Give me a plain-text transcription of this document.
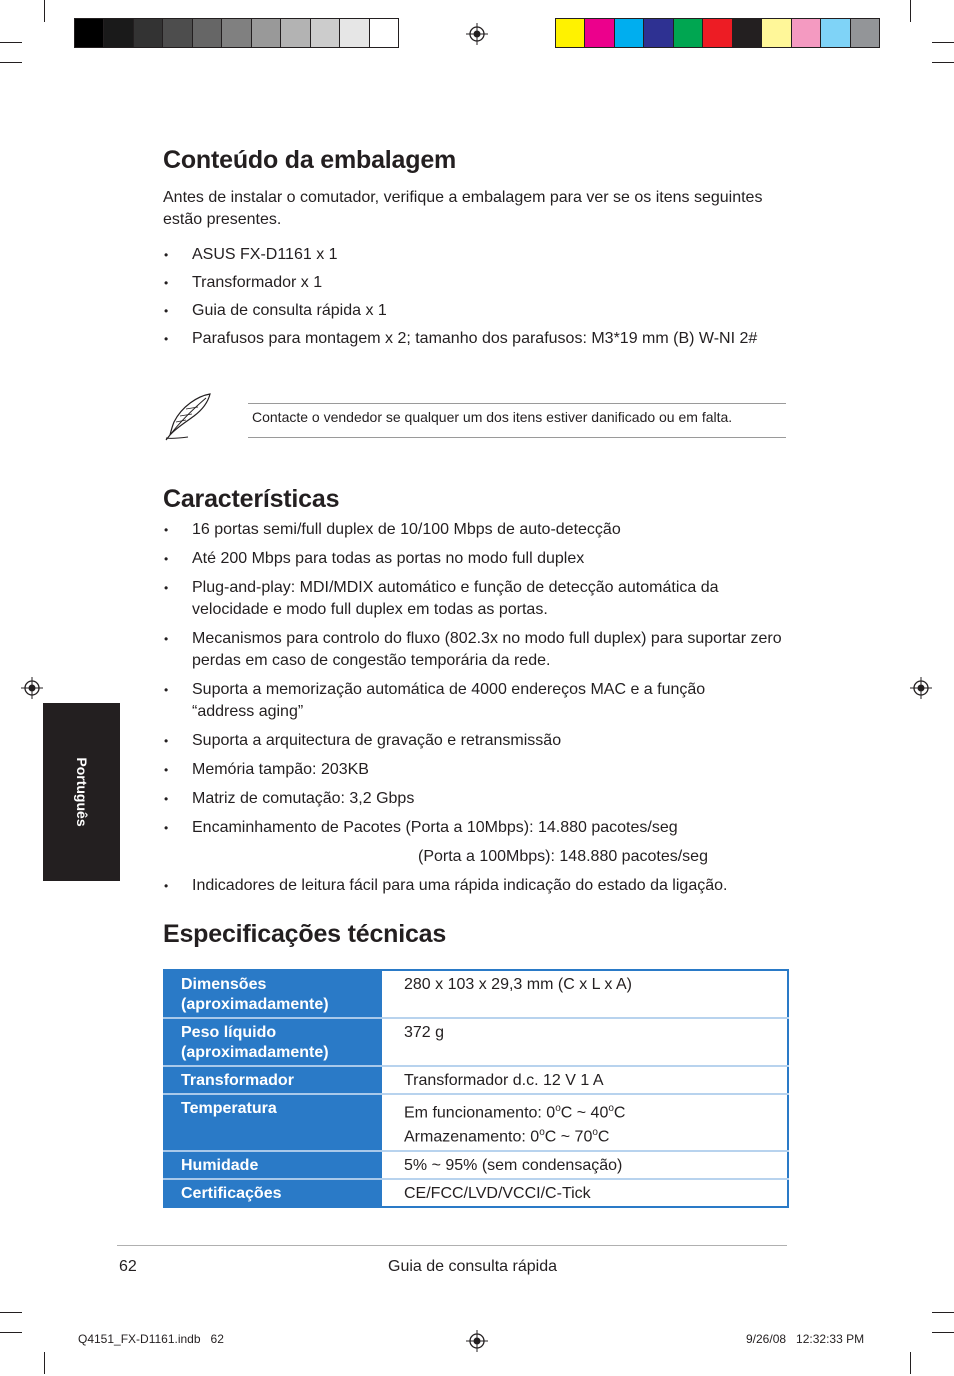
Conteúdo da embalagem

Antes de instalar o comutador, verifique a embalagem para ver se os itens seguintes estão presentes.

• ASUS FX-D1161 x 1
• Transformador x 1
• Guia de consulta rápida x 1
• Parafusos para montagem x 2; tamanho dos parafusos: M3*19 mm (B) W-NI 2#
Contacte o vendedor se qualquer um dos itens estiver danificado ou em falta.
Características
• 16 portas semi/full duplex de 10/100 Mbps de auto-detecção
• Até 200 Mbps para todas as portas no modo full duplex
• Plug-and-play: MDI/MDIX automático e função de detecção automática da velocidade e modo full duplex em todas as portas.
• Mecanismos para controlo do fluxo (802.3x no modo full duplex) para suportar zero perdas em caso de congestão temporária da rede.
• Suporta a memorização automática de 4000 endereços MAC e a função “address aging”
• Suporta a arquitectura de gravação e retransmissão
• Memória tampão: 203KB
• Matriz de comutação: 3,2 Gbps
• Encaminhamento de Pacotes (Porta a 10Mbps): 14.880 pacotes/seg
(Porta a 100Mbps): 148.880 pacotes/seg
• Indicadores de leitura fácil para uma rápida indicação do estado da ligação.
Português
Especificações técnicas
Dimensões (aproximadamente)	280 x 103 x 29,3 mm (C x L x A)
Peso líquido (aproximadamente)	372 g
Transformador	Transformador d.c. 12 V 1 A
Temperatura	Em funcionamento: 0$^o$C ~ 40$^o$C
Armazenamento: 0$^o$C ~ 70$^o$C

Humidade	5% ~ 95% (sem condensação)
Certificações	CE/FCC/LVD/VCCI/C-Tick
62	Guia de consulta rápida
Q4151_FX-D1161.indb   62	9/26/08   12:32:33 PM
